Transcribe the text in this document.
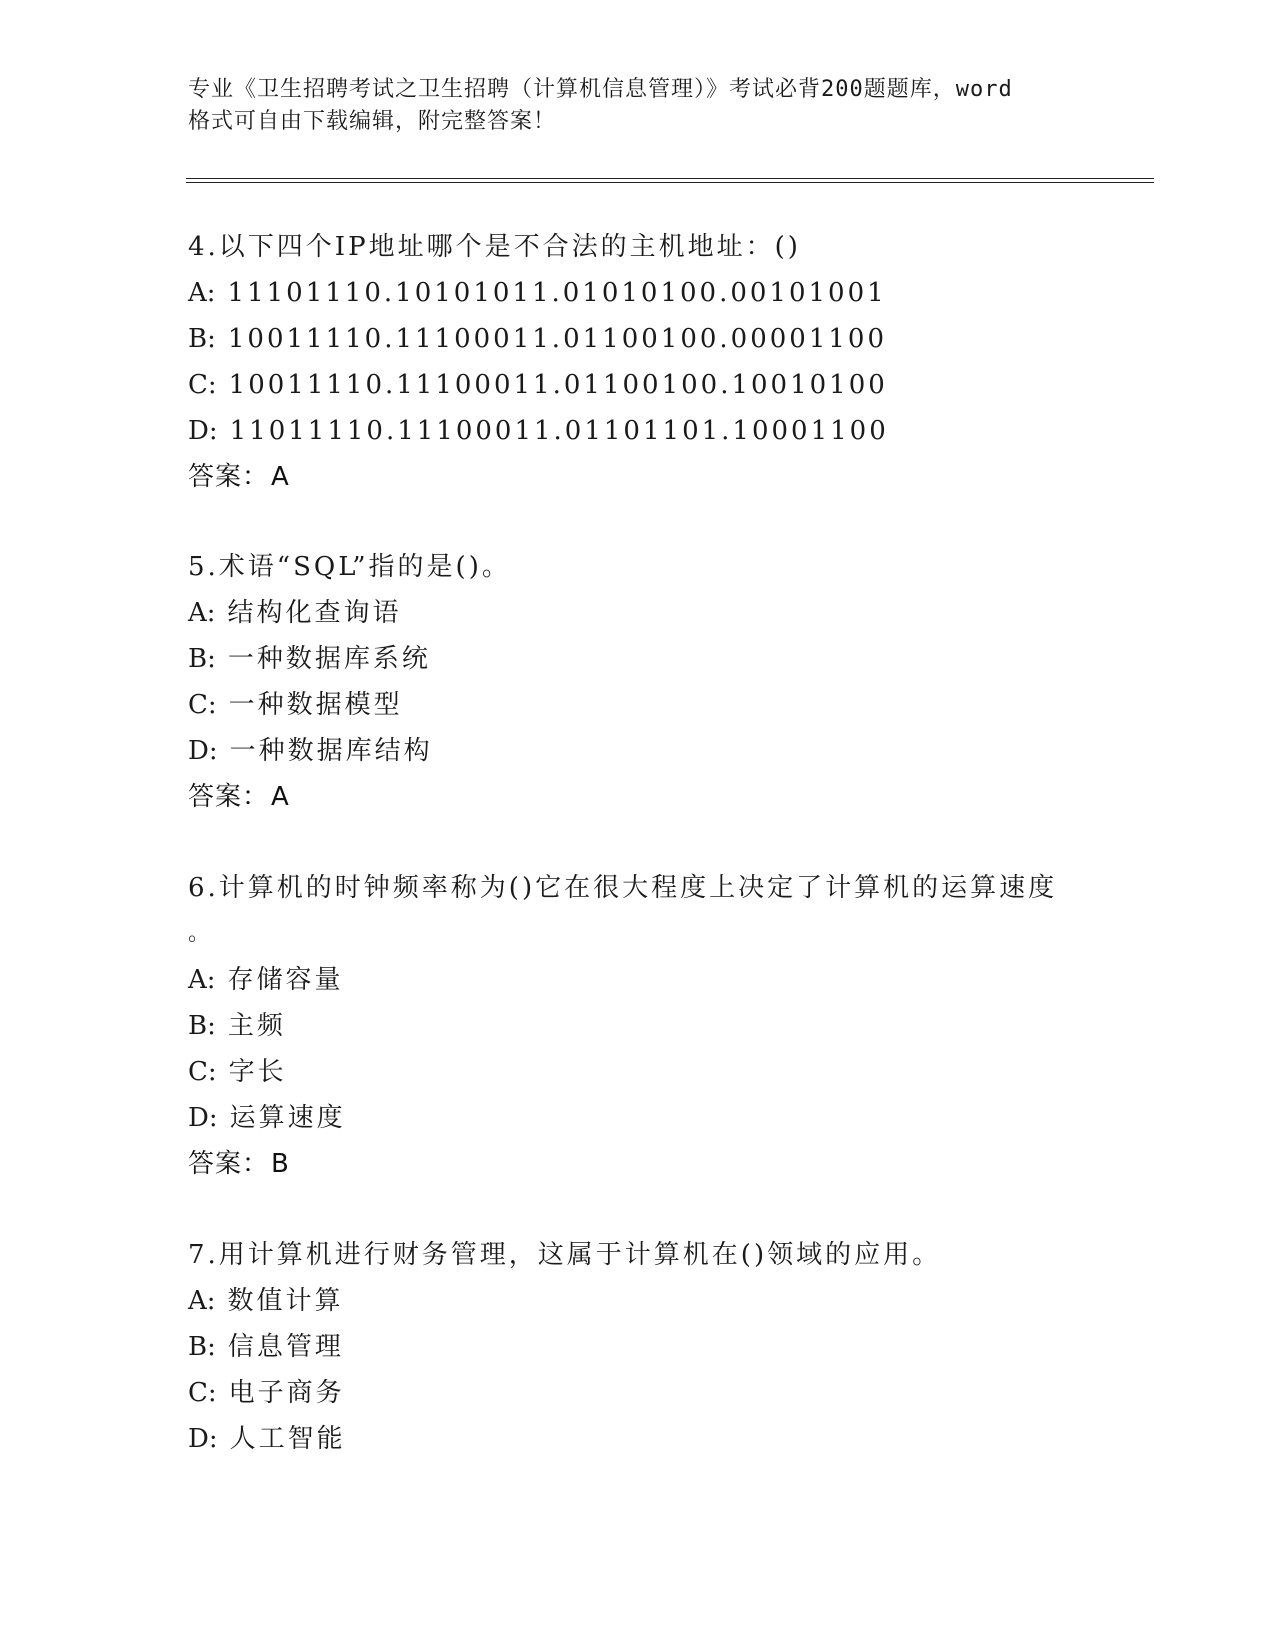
专业《卫生招聘考试之卫生招聘（计算机信息管理）》考试必背200题题库，word
格式可自由下载编辑，附完整答案！
4.以下四个IP地址哪个是不合法的主机地址：()
A: 11101110.10101011.01010100.00101001
B: 10011110.11100011.01100100.00001100
C: 10011110.11100011.01100100.10010100
D: 11011110.11100011.01101101.10001100
答案：A
5.术语“SQL”指的是()。
A: 结构化查询语
B: 一种数据库系统
C: 一种数据模型
D: 一种数据库结构
答案：A
6.计算机的时钟频率称为()它在很大程度上决定了计算机的运算速度
。
A: 存储容量
B: 主频
C: 字长
D: 运算速度
答案：B
7.用计算机进行财务管理，这属于计算机在()领域的应用。
A: 数值计算
B: 信息管理
C: 电子商务
D: 人工智能
